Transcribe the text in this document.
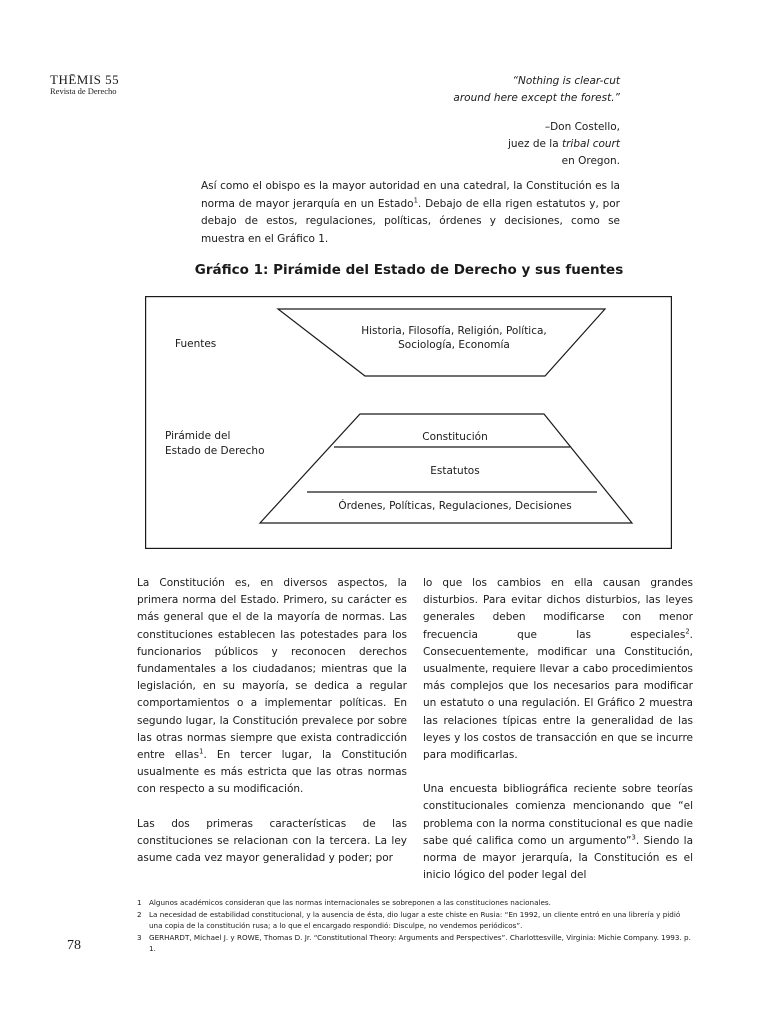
THĒMIS 55
Revista de Derecho
“Nothing is clear-cut
around here except the forest.”
–Don Costello,
juez de la tribal court
en Oregon.
Así como el obispo es la mayor autoridad en una catedral, la Constitución es la norma de mayor jerarquía en un Estado$^1$. Debajo de ella rigen estatutos y, por debajo de estos, regulaciones, políticas, órdenes y decisiones, como se muestra en el Gráfico 1.
Gráfico 1: Pirámide del Estado de Derecho y sus fuentes
Fuentes
Historia, Filosofía, Religión, Política,
Sociología, Economía
Pirámide del
Estado de Derecho
Constitución
Estatutos
Órdenes, Políticas, Regulaciones, Decisiones

La Constitución es, en diversos aspectos, la primera norma del Estado. Primero, su carácter es más general que el de la mayoría de normas. Las constituciones establecen las potestades para los funcionarios públicos y reconocen derechos fundamentales a los ciudadanos; mientras que la legislación, en su mayoría, se dedica a regular comportamientos o a implementar políticas. En segundo lugar, la Constitución prevalece por sobre las otras normas siempre que exista contradicción entre ellas$^1$. En tercer lugar, la Constitución usualmente es más estricta que las otras normas con respecto a su modificación.

Las dos primeras características de las constituciones se relacionan con la tercera. La ley asume cada vez mayor generalidad y poder; por

lo que los cambios en ella causan grandes disturbios. Para evitar dichos disturbios, las leyes generales deben modificarse con menor frecuencia que las especiales$^2$. Consecuentemente, modificar una Constitución, usualmente, requiere llevar a cabo procedimientos más complejos que los necesarios para modificar un estatuto o una regulación. El Gráfico 2 muestra las relaciones típicas entre la generalidad de las leyes y los costos de transacción en que se incurre para modificarlas.

Una encuesta bibliográfica reciente sobre teorías constitucionales comienza mencionando que “el problema con la norma constitucional es que nadie sabe qué califica como un argumento”$^3$. Siendo la norma de mayor jerarquía, la Constitución es el inicio lógico del poder legal del

1	Algunos académicos consideran que las normas internacionales se sobreponen a las constituciones nacionales.
2	La necesidad de estabilidad constitucional, y la ausencia de ésta, dio lugar a este chiste en Rusia: “En 1992, un cliente entró en una librería y pidió una copia de la constitución rusa; a lo que el encargado respondió: Disculpe, no vendemos periódicos”.
3	GERHARDT, Michael J. y ROWE, Thomas D. Jr. “Constitutional Theory: Arguments and Perspectives”. Charlottesville, Virginia: Michie Company. 1993. p. 1.
78
